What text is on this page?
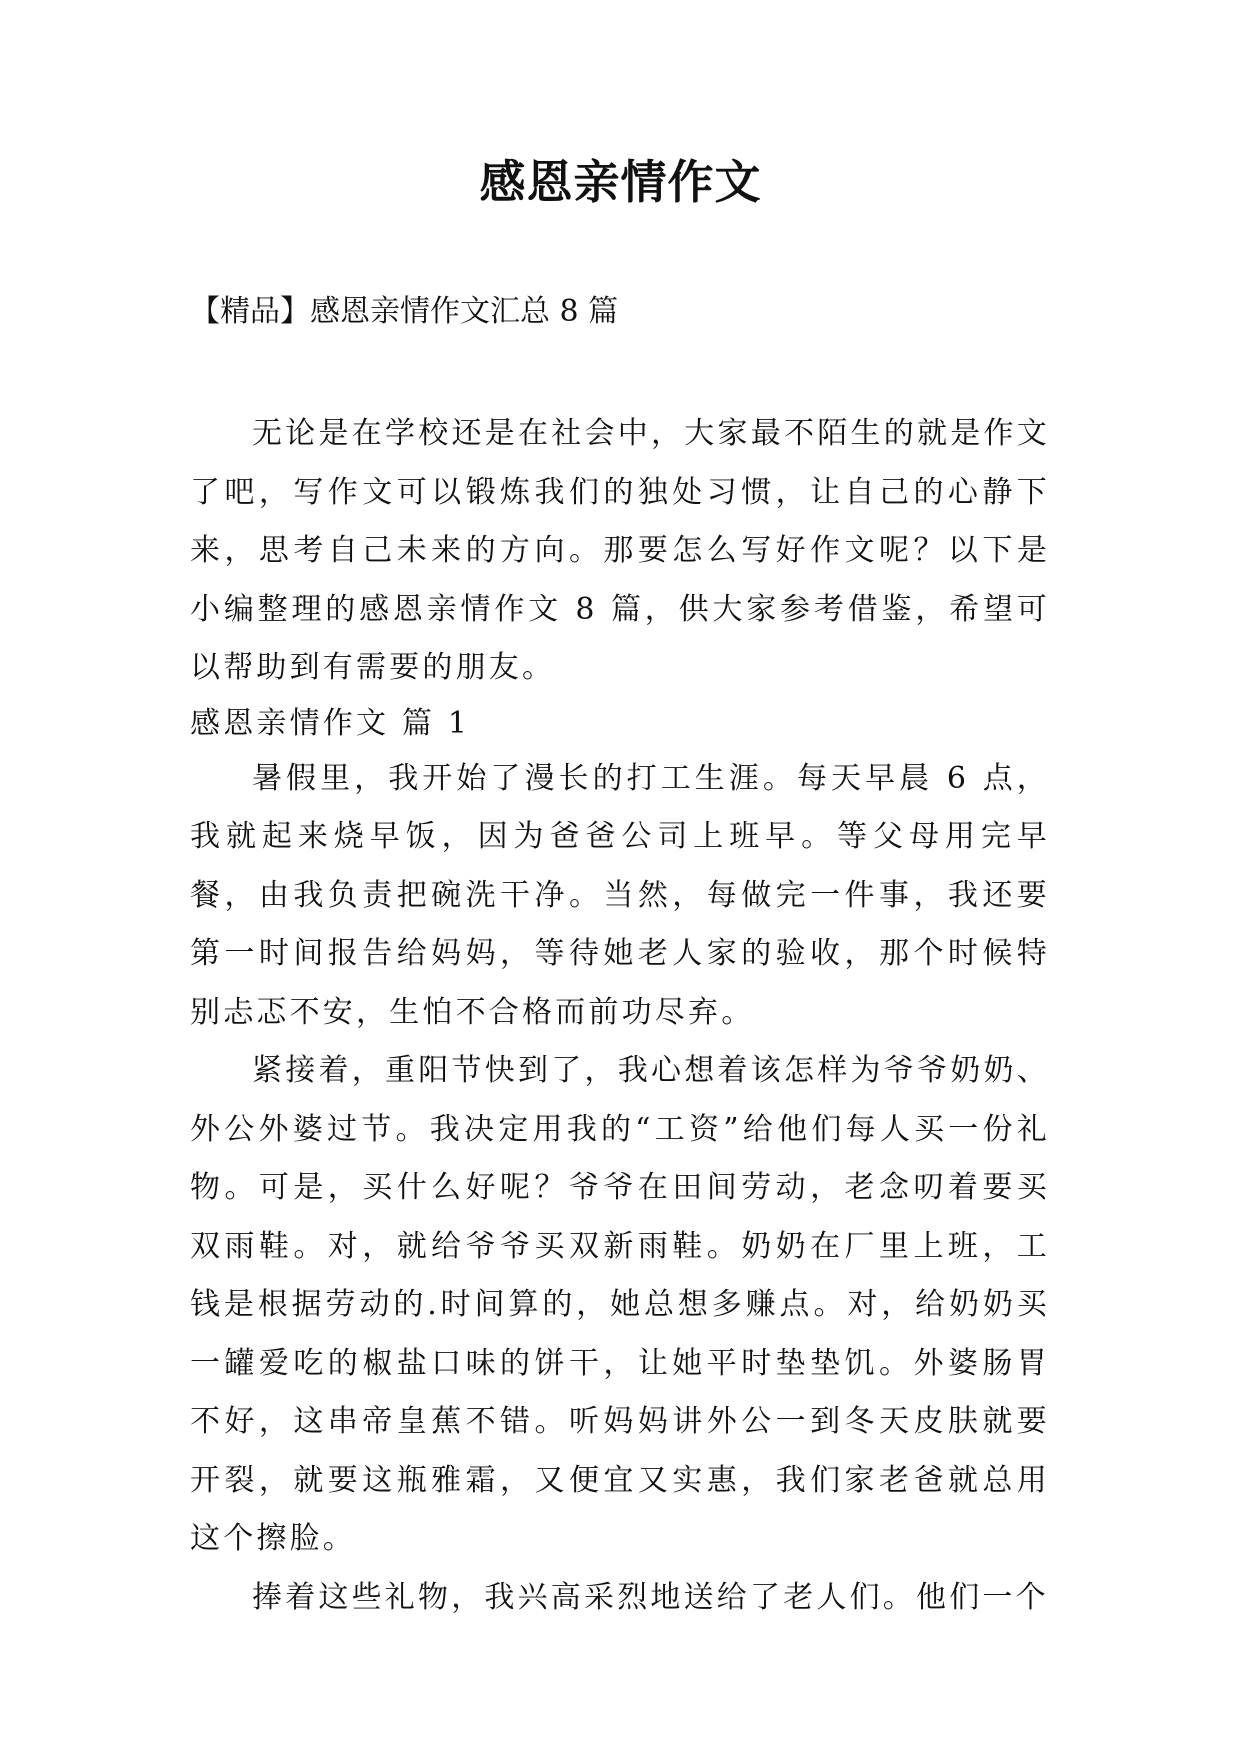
感恩亲情作文
【精品】感恩亲情作文汇总 8 篇

无论是在学校还是在社会中，大家最不陌生的就是作文了吧，写作文可以锻炼我们的独处习惯，让自己的心静下来，思考自己未来的方向。那要怎么写好作文呢？以下是小编整理的感恩亲情作文 8 篇，供大家参考借鉴，希望可以帮助到有需要的朋友。

感恩亲情作文 篇 1

暑假里，我开始了漫长的打工生涯。每天早晨 6 点，我就起来烧早饭，因为爸爸公司上班早。等父母用完早餐，由我负责把碗洗干净。当然，每做完一件事，我还要第一时间报告给妈妈，等待她老人家的验收，那个时候特别忐忑不安，生怕不合格而前功尽弃。

紧接着，重阳节快到了，我心想着该怎样为爷爷奶奶、外公外婆过节。我决定用我的“工资”给他们每人买一份礼物。可是，买什么好呢？爷爷在田间劳动，老念叨着要买双雨鞋。对，就给爷爷买双新雨鞋。奶奶在厂里上班，工钱是根据劳动的.时间算的，她总想多赚点。对，给奶奶买一罐爱吃的椒盐口味的饼干，让她平时垫垫饥。外婆肠胃不好，这串帝皇蕉不错。听妈妈讲外公一到冬天皮肤就要开裂，就要这瓶雅霜，又便宜又实惠，我们家老爸就总用这个擦脸。

捧着这些礼物，我兴高采烈地送给了老人们。他们一个
